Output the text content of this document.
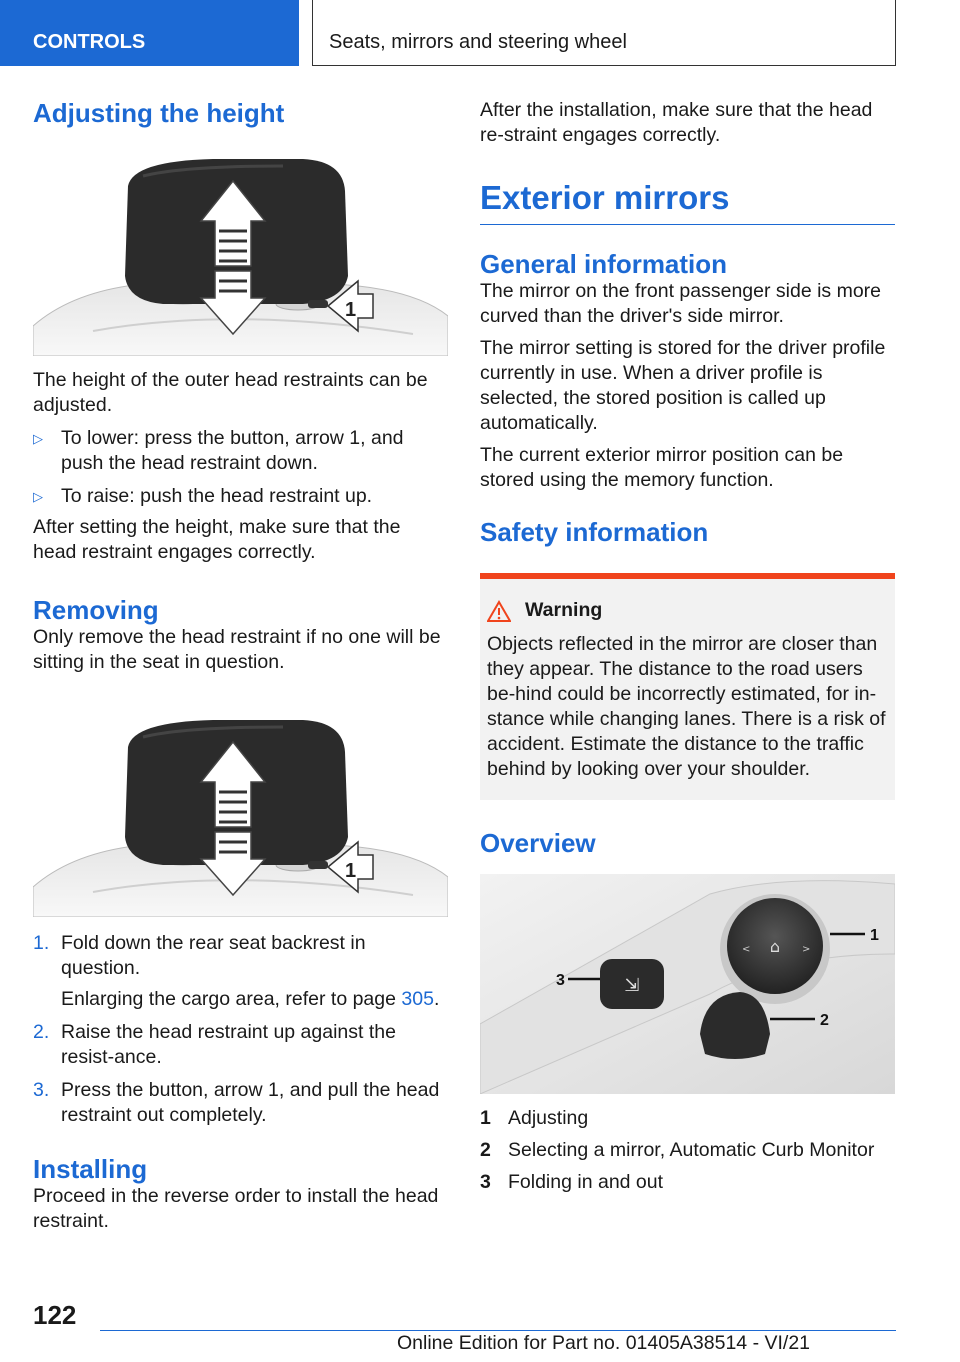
CONTROLS	Seats, mirrors and steering wheel
Adjusting the height
1

The height of the outer head restraints can be adjusted.

▷ To lower: press the button, arrow 1, and push the head restraint down.
▷ To raise: push the head restraint up.

After setting the height, make sure that the head restraint engages correctly.

Removing

Only remove the head restraint if no one will be sitting in the seat in question.

1
1. Fold down the rear seat backrest in question.

Enlarging the cargo area, refer to page 305.

2. Raise the head restraint up against the resist-ance.
3. Press the button, arrow 1, and pull the head restraint out completely.
Installing

Proceed in the reverse order to install the head restraint.

After the installation, make sure that the head re-straint engages correctly.

Exterior mirrors
General information

The mirror on the front passenger side is more curved than the driver's side mirror.

The mirror setting is stored for the driver profile currently in use. When a driver profile is selected, the stored position is called up automatically.

The current exterior mirror position can be stored using the memory function.

Safety information
Warning

Objects reflected in the mirror are closer than they appear. The distance to the road users be-hind could be incorrectly estimated, for in-stance while changing lanes. There is a risk of accident. Estimate the distance to the traffic behind by looking over your shoulder.

Overview
⌂
<	>
⇲
1
2
3
1 Adjusting
2 Selecting a mirror, Automatic Curb Monitor
3 Folding in and out
122
Online Edition for Part no. 01405A38514 - VI/21
